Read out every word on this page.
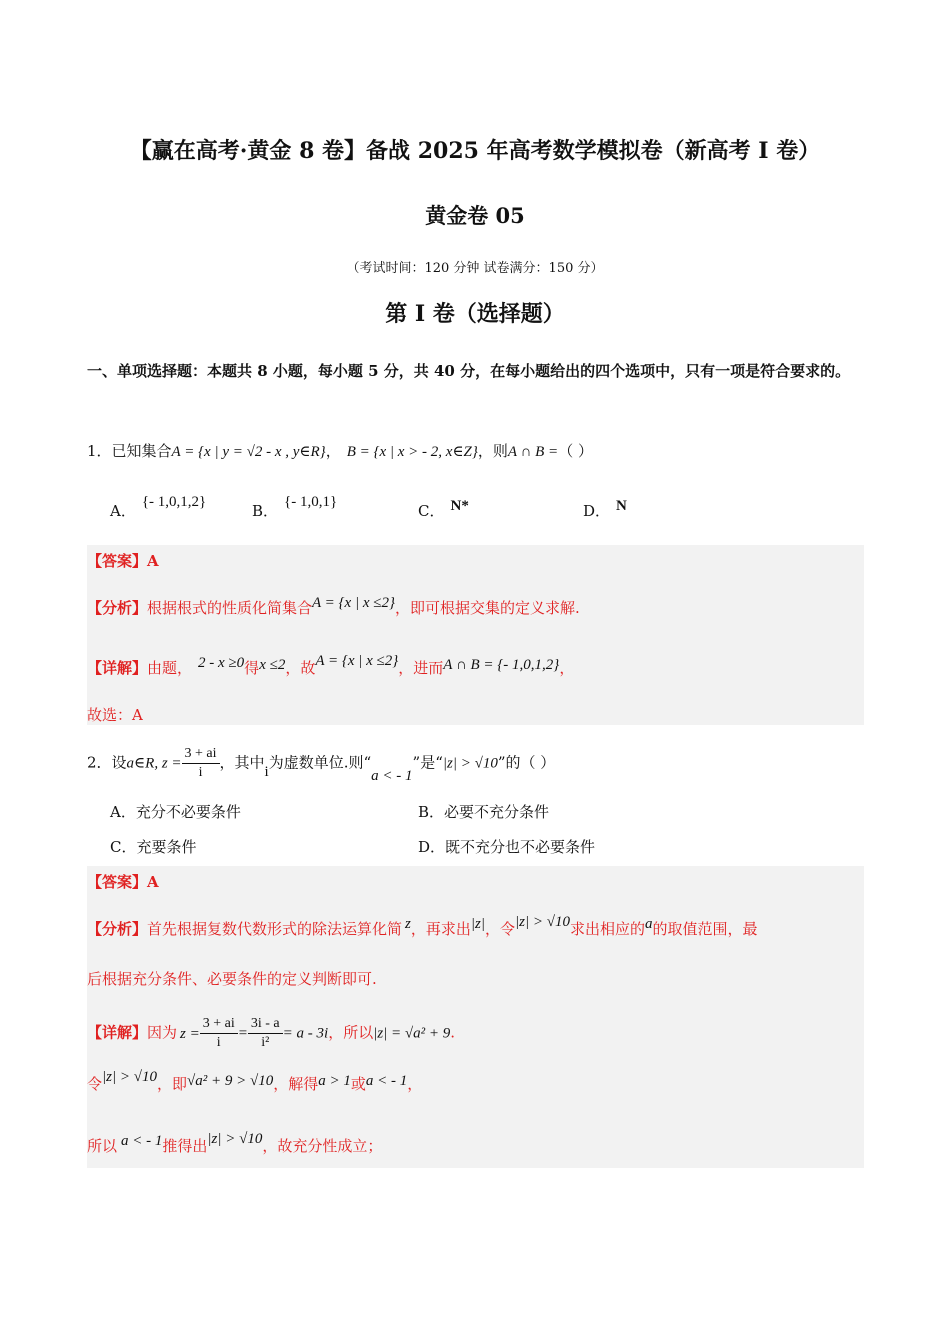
【赢在高考·黄金 8 卷】备战 2025 年高考数学模拟卷（新高考 I 卷）
黄金卷 05
（考试时间：120 分钟 试卷满分：150 分）
第 I 卷（选择题）
一、单项选择题：本题共 8 小题，每小题 5 分，共 40 分，在每小题给出的四个选项中，只有一项是符合要求的。
1．已知集合A = {x | y = √2 - x , y∈R}， B = {x | x > - 2, x∈Z}，则A ∩ B =（ ）
A． {- 1,0,1,2}	B． {- 1,0,1}	C． N*	D． N
【答案】A
【分析】根据根式的性质化简集合A = {x | x ≤2}，即可根据交集的定义求解.
【详解】由题， 2 - x ≥0得x ≤2，故A = {x | x ≤2}，进而A ∩ B = {- 1,0,1,2}，
故选：A
2．设a∈R, $z = \frac{3 + ai}{i}$ ，其中i为虚数单位.则“a < - 1”是“|z| > √10”的（ ）
A．充分不必要条件	B．必要不充分条件
C．充要条件	D．既不充分也不必要条件
【答案】A
【分析】首先根据复数代数形式的除法运算化简 z，再求出|z|，令|z| > √10求出相应的a的取值范围，最
后根据充分条件、必要条件的定义判断即可.
【详解】因为 $z = \frac{3 + ai}{i} = \frac{3i - a}{\text{i²}} = a - 3i$，所以|z| = √a² + 9.
令|z| > √10，即√a² + 9 > √10，解得a > 1或a < - 1，
所以 a < - 1推得出|z| > √10，故充分性成立；
